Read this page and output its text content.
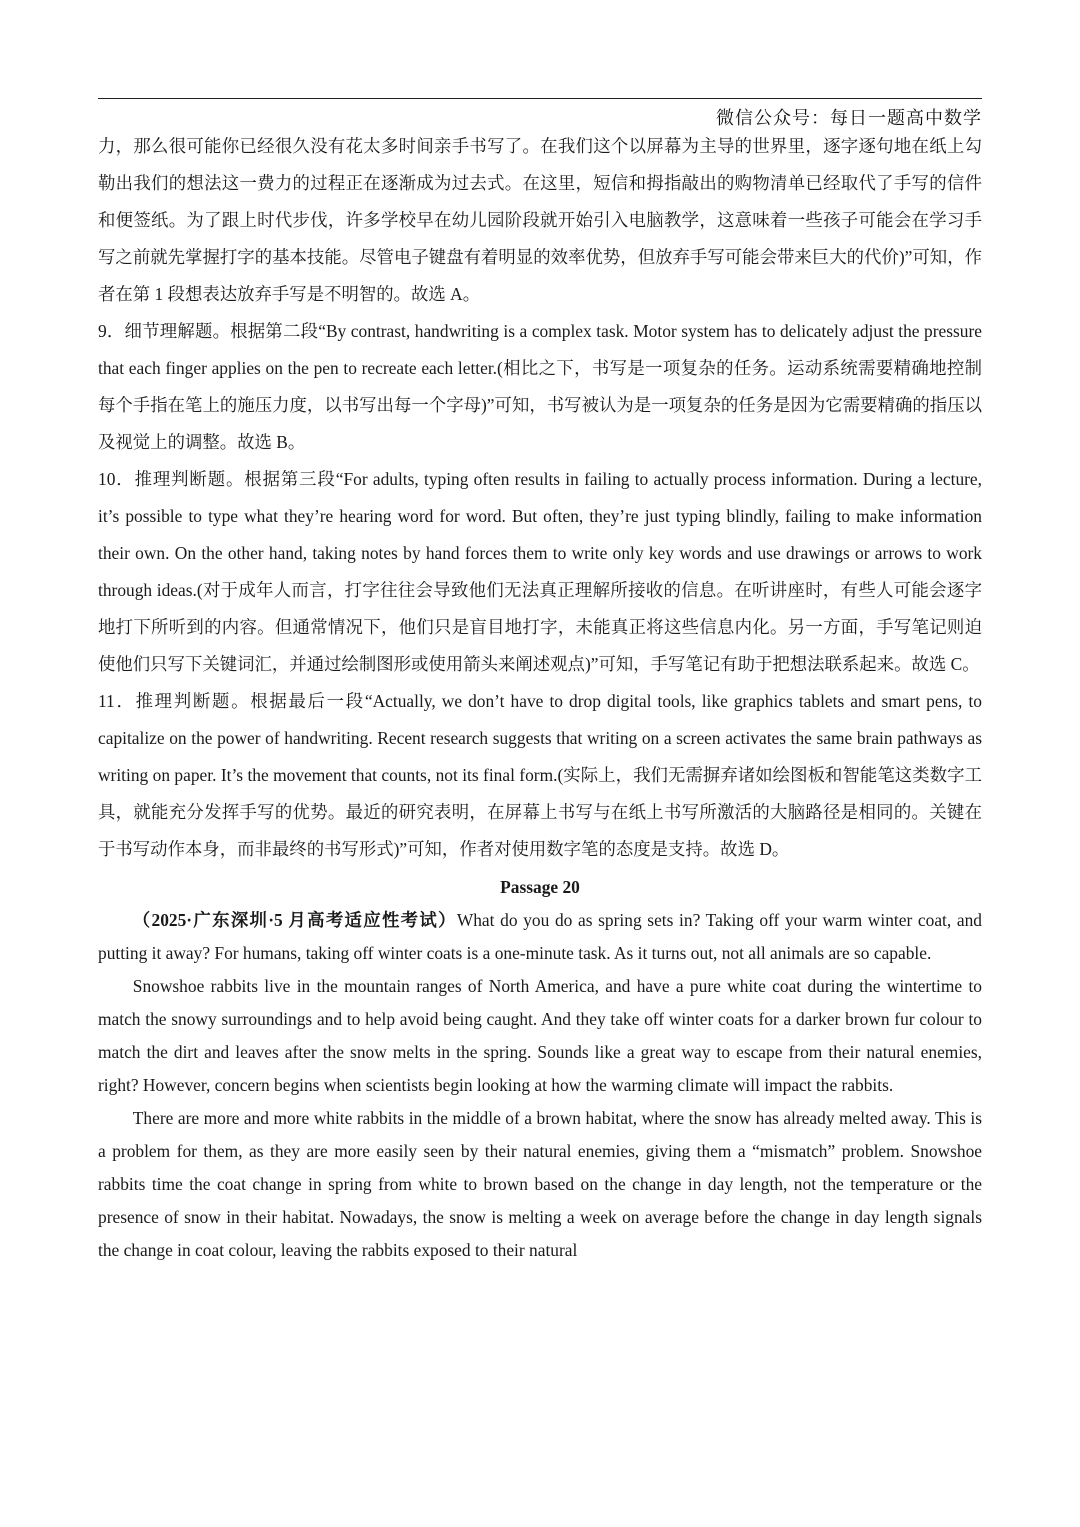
微信公众号：每日一题高中数学

力，那么很可能你已经很久没有花太多时间亲手书写了。在我们这个以屏幕为主导的世界里，逐字逐句地在纸上勾勒出我们的想法这一费力的过程正在逐渐成为过去式。在这里，短信和拇指敲出的购物清单已经取代了手写的信件和便签纸。为了跟上时代步伐，许多学校早在幼儿园阶段就开始引入电脑教学，这意味着一些孩子可能会在学习手写之前就先掌握打字的基本技能。尽管电子键盘有着明显的效率优势，但放弃手写可能会带来巨大的代价)”可知，作者在第 1 段想表达放弃手写是不明智的。故选 A。

9．细节理解题。根据第二段“By contrast, handwriting is a complex task. Motor system has to delicately adjust the pressure that each finger applies on the pen to recreate each letter.(相比之下，书写是一项复杂的任务。运动系统需要精确地控制每个手指在笔上的施压力度，以书写出每一个字母)”可知，书写被认为是一项复杂的任务是因为它需要精确的指压以及视觉上的调整。故选 B。

10．推理判断题。根据第三段“For adults, typing often results in failing to actually process information. During a lecture, it’s possible to type what they’re hearing word for word. But often, they’re just typing blindly, failing to make information their own. On the other hand, taking notes by hand forces them to write only key words and use drawings or arrows to work through ideas.(对于成年人而言，打字往往会导致他们无法真正理解所接收的信息。在听讲座时，有些人可能会逐字地打下所听到的内容。但通常情况下，他们只是盲目地打字，未能真正将这些信息内化。另一方面，手写笔记则迫使他们只写下关键词汇，并通过绘制图形或使用箭头来阐述观点)”可知，手写笔记有助于把想法联系起来。故选 C。

11．推理判断题。根据最后一段“Actually, we don’t have to drop digital tools, like graphics tablets and smart pens, to capitalize on the power of handwriting. Recent research suggests that writing on a screen activates the same brain pathways as writing on paper. It’s the movement that counts, not its final form.(实际上，我们无需摒弃诸如绘图板和智能笔这类数字工具，就能充分发挥手写的优势。最近的研究表明，在屏幕上书写与在纸上书写所激活的大脑路径是相同的。关键在于书写动作本身，而非最终的书写形式)”可知，作者对使用数字笔的态度是支持。故选 D。

Passage 20

（2025·广东深圳·5 月高考适应性考试）What do you do as spring sets in? Taking off your warm winter coat, and putting it away? For humans, taking off winter coats is a one-minute task. As it turns out, not all animals are so capable.

Snowshoe rabbits live in the mountain ranges of North America, and have a pure white coat during the wintertime to match the snowy surroundings and to help avoid being caught. And they take off winter coats for a darker brown fur colour to match the dirt and leaves after the snow melts in the spring. Sounds like a great way to escape from their natural enemies, right? However, concern begins when scientists begin looking at how the warming climate will impact the rabbits.

There are more and more white rabbits in the middle of a brown habitat, where the snow has already melted away. This is a problem for them, as they are more easily seen by their natural enemies, giving them a “mismatch” problem. Snowshoe rabbits time the coat change in spring from white to brown based on the change in day length, not the temperature or the presence of snow in their habitat. Nowadays, the snow is melting a week on average before the change in day length signals the change in coat colour, leaving the rabbits exposed to their natural
